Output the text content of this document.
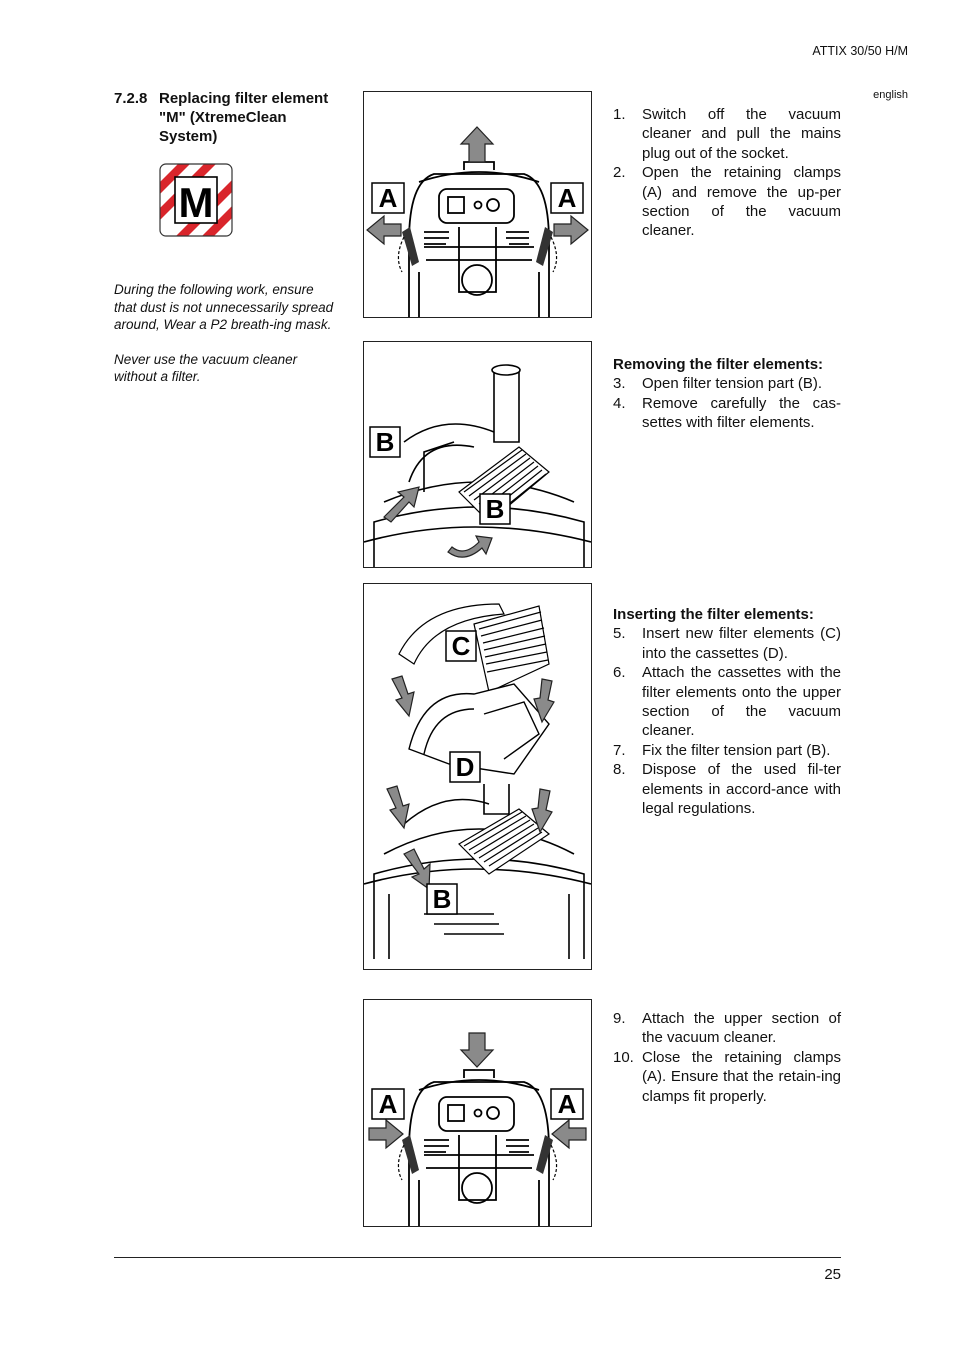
ATTIX 30/50 H/M
english
7.2.8 Replacing filter element "M" (XtremeClean System)
M

During the following work, ensure that dust is not unnecessarily spread around, Wear a P2 breath-ing mask.

Never use the vacuum cleaner without a filter.

A	A
B
B
C
D
B
A	A
1.	Switch off the vacuum cleaner and pull the mains plug out of the socket.
2.	Open the retaining clamps (A) and remove the up-per section of the vacuum cleaner.
Removing the filter elements:
3.	Open filter tension part (B).
4.	Remove carefully the cas-settes with filter elements.
Inserting the filter elements:
5.	Insert new filter elements (C) into the cassettes (D).
6.	Attach the cassettes with the filter elements onto the upper section of the vacuum cleaner.
7.	Fix the filter tension part (B).
8.	Dispose of the used fil-ter elements in accord-ance with legal regulations.
9.	Attach the upper section of the vacuum cleaner.
10. Close the retaining clamps (A). Ensure that the retain-ing clamps fit properly.
25
